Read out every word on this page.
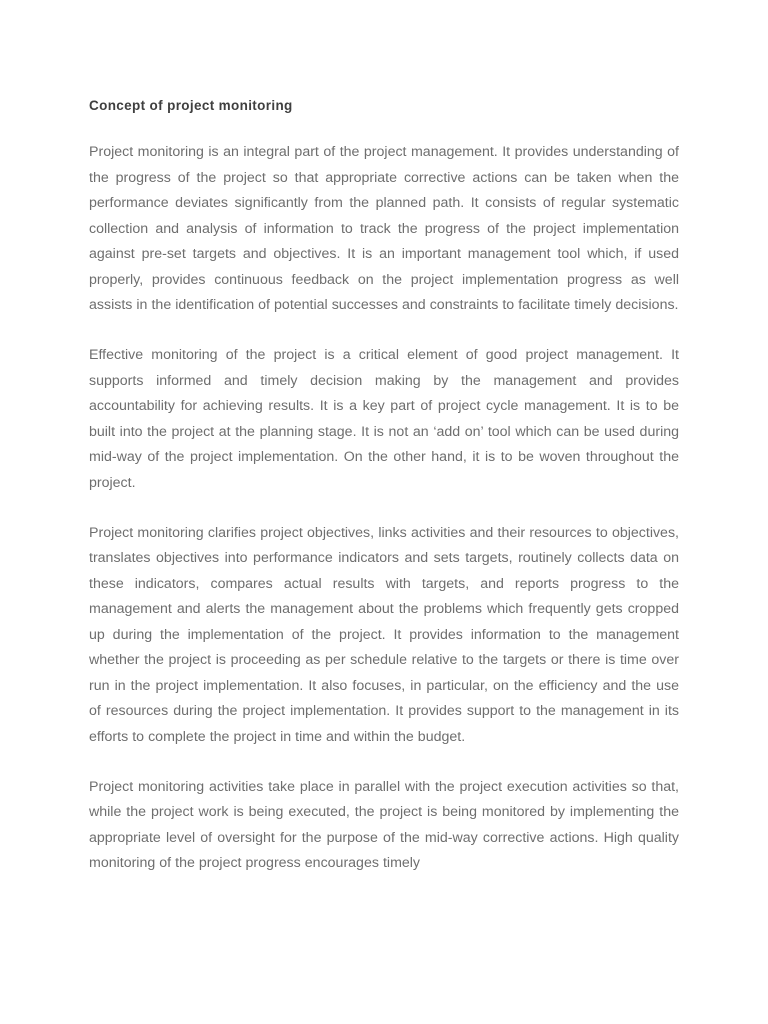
Concept of project monitoring

Project monitoring is an integral part of the project management. It provides understanding of the progress of the project so that appropriate corrective actions can be taken when the performance deviates significantly from the planned path. It consists of regular systematic collection and analysis of information to track the progress of the project implementation against pre-set targets and objectives. It is an important management tool which, if used properly, provides continuous feedback on the project implementation progress as well assists in the identification of potential successes and constraints to facilitate timely decisions.

Effective monitoring of the project is a critical element of good project management. It supports informed and timely decision making by the management and provides accountability for achieving results. It is a key part of project cycle management. It is to be built into the project at the planning stage. It is not an ‘add on’ tool which can be used during mid-way of the project implementation. On the other hand, it is to be woven throughout the project.

Project monitoring clarifies project objectives, links activities and their resources to objectives, translates objectives into performance indicators and sets targets, routinely collects data on these indicators, compares actual results with targets, and reports progress to the management and alerts the management about the problems which frequently gets cropped up during the implementation of the project. It provides information to the management whether the project is proceeding as per schedule relative to the targets or there is time over run in the project implementation. It also focuses, in particular, on the efficiency and the use of resources during the project implementation. It provides support to the management in its efforts to complete the project in time and within the budget.

Project monitoring activities take place in parallel with the project execution activities so that, while the project work is being executed, the project is being monitored by implementing the appropriate level of oversight for the purpose of the mid-way corrective actions. High quality monitoring of the project progress encourages timely
